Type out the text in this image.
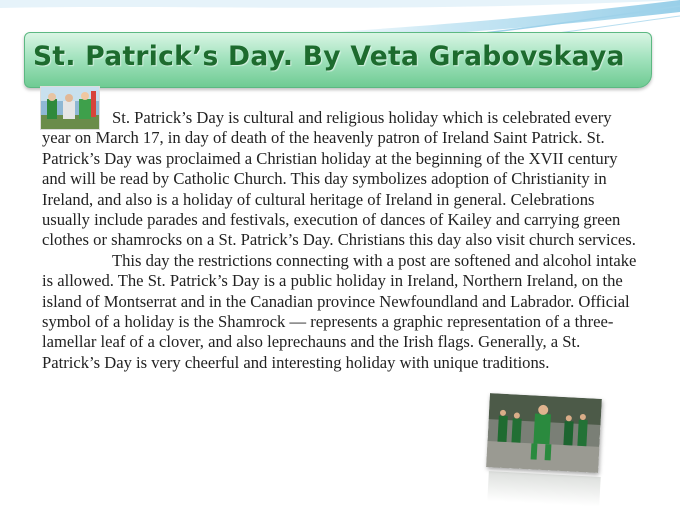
St. Patrick’s Day. By Veta Grabovskaya

St. Patrick’s Day is cultural and religious holiday which is celebrated every year on March 17, in day of death of the heavenly patron of Ireland Saint Patrick. St. Patrick’s Day was proclaimed a Christian holiday at the beginning of the XVII century and will be read by Catholic Church. This day symbolizes adoption of Christianity in Ireland, and also is a holiday of cultural heritage of Ireland in general. Celebrations usually include parades and festivals, execution of dances of Kailey and carrying green clothes or shamrocks on a St. Patrick’s Day. Christians this day also visit church services.

This day the restrictions connecting with a post are softened and alcohol intake is allowed. The St. Patrick’s Day is a public holiday in Ireland, Northern Ireland, on the island of Montserrat and in the Canadian province Newfoundland and Labrador. Official symbol of a holiday is the Shamrock — represents a graphic representation of a three-lamellar leaf of a clover, and also leprechauns and the Irish flags. Generally, a St. Patrick’s Day is very cheerful and interesting holiday with unique traditions.
